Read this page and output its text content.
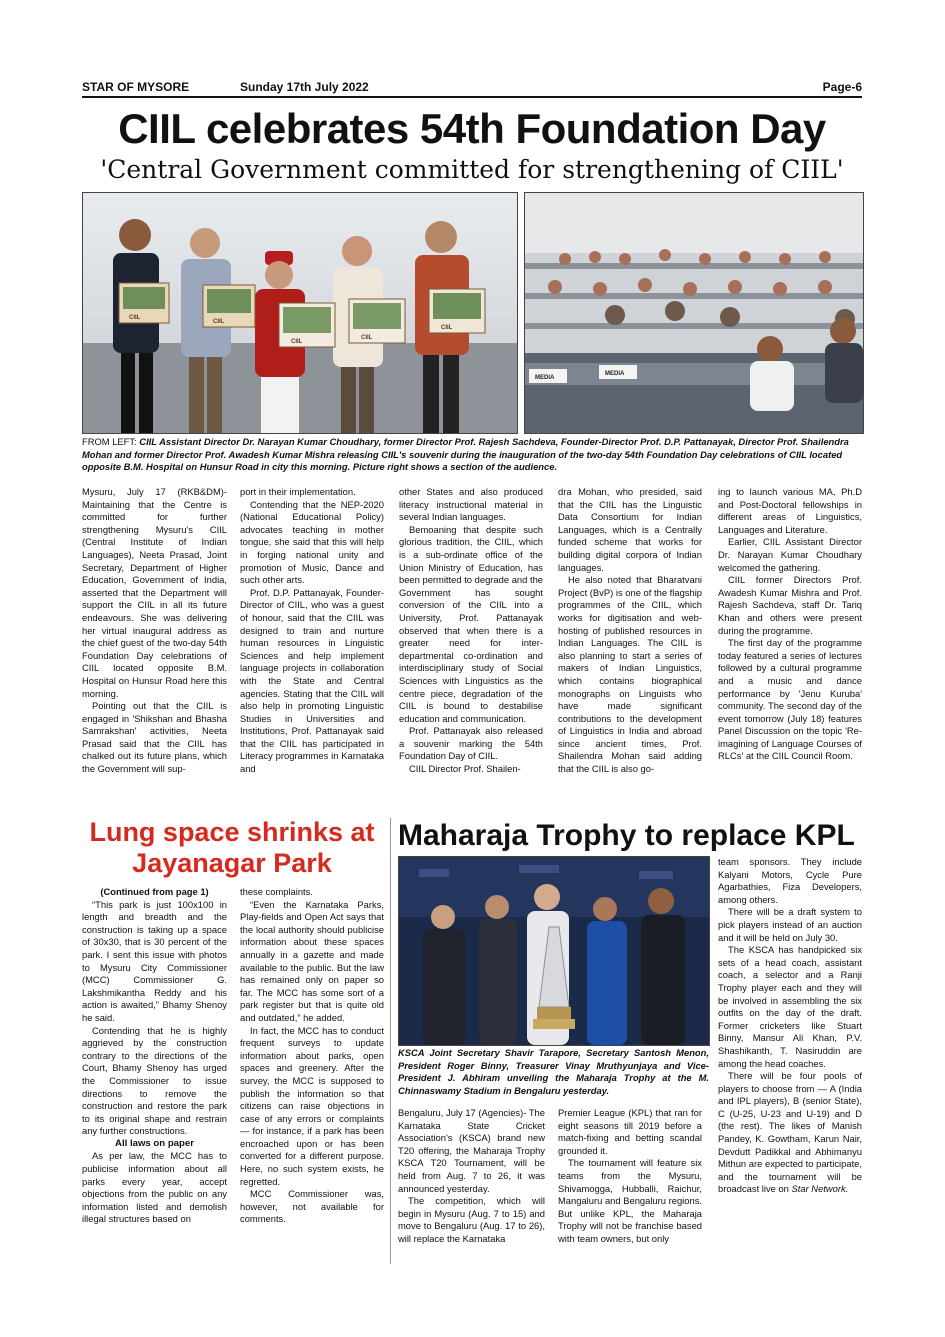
STAR OF MYSORE	Sunday 17th July 2022	Page-6
CIIL celebrates 54th Foundation Day
'Central Government committed for strengthening of CIIL'
CIIL
CIIL
CIIL
CIIL
CIIL
MEDIA
MEDIA
FROM LEFT: CIIL Assistant Director Dr. Narayan Kumar Choudhary, former Director Prof. Rajesh Sachdeva, Founder-Director Prof. D.P. Pattanayak, Director Prof. Shailendra Mohan and former Director Prof. Awadesh Kumar Mishra releasing CIIL's souvenir during the inauguration of the two-day 54th Foundation Day celebrations of CIIL located opposite B.M. Hospital on Hunsur Road in city this morning. Picture right shows a section of the audience.

Mysuru, July 17 (RKB&DM)- Maintaining that the Centre is committed for further strengthening Mysuru's CIIL (Central Institute of Indian Languages), Neeta Prasad, Joint Secretary, Department of Higher Education, Government of India, asserted that the Department will support the CIIL in all its future endeavours. She was delivering her virtual inaugural address as the chief guest of the two-day 54th Foundation Day celebrations of CIIL located opposite B.M. Hospital on Hunsur Road here this morning.

Pointing out that the CIIL is engaged in 'Shikshan and Bhasha Samrakshan' activities, Neeta Prasad said that the CIIL has chalked out its future plans, which the Government will sup-

port in their implementation.

Contending that the NEP-2020 (National Educational Policy) advocates teaching in mother tongue, she said that this will help in forging national unity and promotion of Music, Dance and such other arts.

Prof. D.P. Pattanayak, Founder-Director of CIIL, who was a guest of honour, said that the CIIL was designed to train and nurture human resources in Linguistic Sciences and help implement language projects in collaboration with the State and Central agencies. Stating that the CIIL will also help in promoting Linguistic Studies in Universities and Institutions, Prof. Pattanayak said that the CIIL has participated in Literacy programmes in Karnataka and

other States and also produced literacy instructional material in several Indian languages.

Bemoaning that despite such glorious tradition, the CIIL, which is a sub-ordinate office of the Union Ministry of Education, has been permitted to degrade and the Government has sought conversion of the CIIL into a University, Prof. Pattanayak observed that when there is a greater need for inter-departmental co-ordination and interdisciplinary study of Social Sciences with Linguistics as the centre piece, degradation of the CIIL is bound to destabilise education and communication.

Prof. Pattanayak also released a souvenir marking the 54th Foundation Day of CIIL.

CIIL Director Prof. Shailen-

dra Mohan, who presided, said that the CIIL has the Linguistic Data Consortium for Indian Languages, which is a Centrally funded scheme that works for building digital corpora of Indian languages.

He also noted that Bharatvani Project (BvP) is one of the flagship programmes of the CIIL, which works for digitisation and web-hosting of published resources in Indian Languages. The CIIL is also planning to start a series of makers of Indian Linguistics, which contains biographical monographs on Linguists who have made significant contributions to the development of Linguistics in India and abroad since ancient times, Prof. Shailendra Mohan said adding that the CIIL is also go-

ing to launch various MA, Ph.D and Post-Doctoral fellowships in different areas of Linguistics, Languages and Literature.

Earlier, CIIL Assistant Director Dr. Narayan Kumar Choudhary welcomed the gathering.

CIIL former Directors Prof. Awadesh Kumar Mishra and Prof. Rajesh Sachdeva, staff Dr. Tariq Khan and others were present during the programme.

The first day of the programme today featured a series of lectures followed by a cultural programme and a music and dance performance by 'Jenu Kuruba' community. The second day of the event tomorrow (July 18) features Panel Discussion on the topic 'Re-imagining of Language Courses of RLCs' at the CIIL Council Room.

Lung space shrinks at Jayanagar Park

(Continued from page 1)

“This park is just 100x100 in length and breadth and the construction is taking up a space of 30x30, that is 30 percent of the park. I sent this issue with photos to Mysuru City Commissioner (MCC) Commissioner G. Lakshmikantha Reddy and his action is awaited,” Bhamy Shenoy he said.

Contending that he is highly aggrieved by the construction contrary to the directions of the Court, Bhamy Shenoy has urged the Commissioner to issue directions to remove the construction and restore the park to its original shape and restrain any further constructions.

All laws on paper

As per law, the MCC has to publicise information about all parks every year, accept objections from the public on any information listed and demolish illegal structures based on

these complaints.

“Even the Karnataka Parks, Play-fields and Open Act says that the local authority should publicise information about these spaces annually in a gazette and made available to the public. But the law has remained only on paper so far. The MCC has some sort of a park register but that is quite old and outdated,” he added.

In fact, the MCC has to conduct frequent surveys to update information about parks, open spaces and greenery. After the survey, the MCC is supposed to publish the information so that citizens can raise objections in case of any errors or complaints — for instance, if a park has been encroached upon or has been converted for a different purpose. Here, no such system exists, he regretted.

MCC Commissioner was, however, not available for comments.

Maharaja Trophy to replace KPL
KSCA Joint Secretary Shavir Tarapore, Secretary Santosh Menon, President Roger Binny, Treasurer Vinay Mruthyunjaya and Vice-President J. Abhiram unveiling the Maharaja Trophy at the M. Chinnaswamy Stadium in Bengaluru yesterday.

Bengaluru, July 17 (Agencies)- The Karnataka State Cricket Association's (KSCA) brand new T20 offering, the Maharaja Trophy KSCA T20 Tournament, will be held from Aug. 7 to 26, it was announced yesterday.

The competition, which will begin in Mysuru (Aug. 7 to 15) and move to Bengaluru (Aug. 17 to 26), will replace the Karnataka

Premier League (KPL) that ran for eight seasons till 2019 before a match-fixing and betting scandal grounded it.

The tournament will feature six teams from the Mysuru, Shivamogga, Hubballi, Raichur, Mangaluru and Bengaluru regions. But unlike KPL, the Maharaja Trophy will not be franchise based with team owners, but only

team sponsors. They include Kalyani Motors, Cycle Pure Agarbathies, Fiza Developers, among others.

There will be a draft system to pick players instead of an auction and it will be held on July 30.

The KSCA has handpicked six sets of a head coach, assistant coach, a selector and a Ranji Trophy player each and they will be involved in assembling the six outfits on the day of the draft. Former cricketers like Stuart Binny, Mansur Ali Khan, P.V. Shashikanth, T. Nasiruddin are among the head coaches.

There will be four pools of players to choose from — A (India and IPL players), B (senior State), C (U-25, U-23 and U-19) and D (the rest). The likes of Manish Pandey, K. Gowtham, Karun Nair, Devdutt Padikkal and Abhimanyu Mithun are expected to participate, and the tournament will be broadcast live on Star Network.
